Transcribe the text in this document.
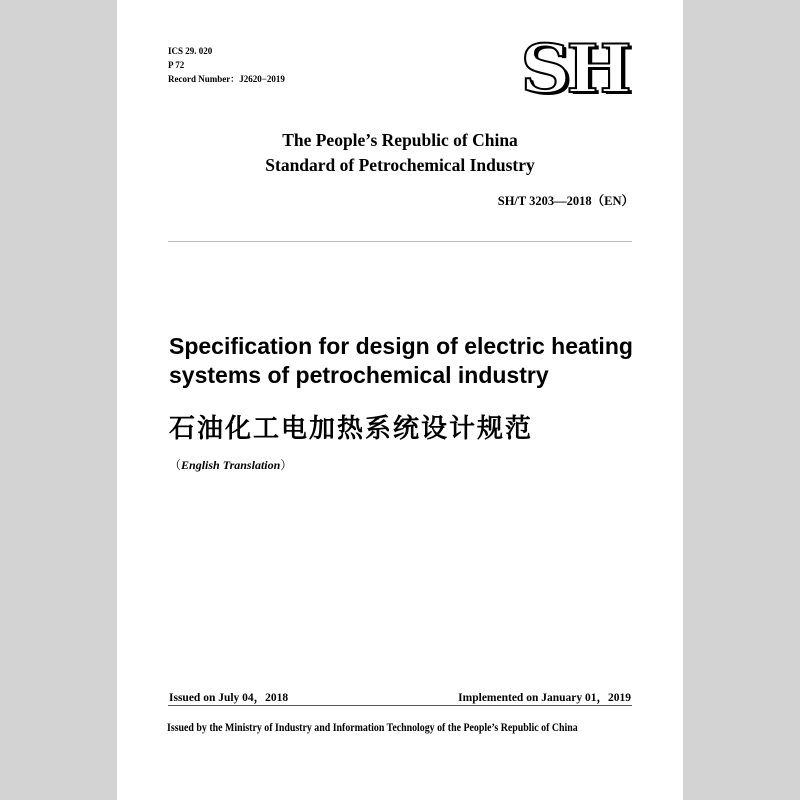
ICS 29. 020
P 72
Record Number：J2620−2019	SH
The People’s Republic of China
Standard of Petrochemical Industry
SH/T 3203—2018（EN）
Specification for design of electric heating
systems of petrochemical industry
石油化工电加热系统设计规范
（English Translation）
Issued on July 04，2018	Implemented on January 01，2019
Issued by the Ministry of Industry and Information Technology of the People’s Republic of China
